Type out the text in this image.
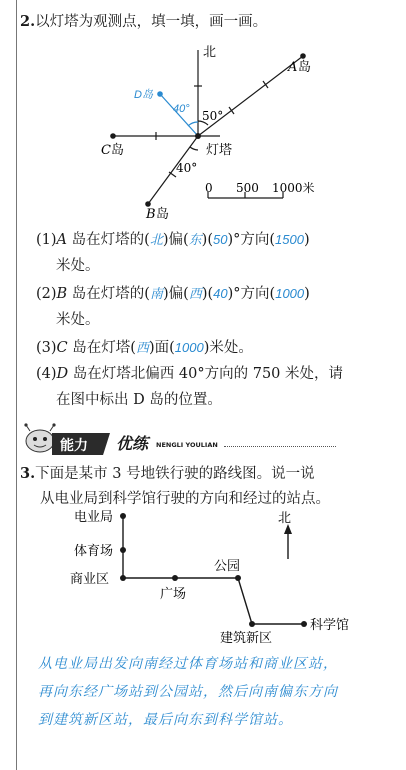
2.以灯塔为观测点，填一填，画一画。
北
A 岛
C 岛
B 岛
D岛
40° 50°
40°
灯塔
0 500 1000米
(1)A 岛在灯塔的(北)偏(东)(50)°方向(1500)
米处。
(2)B 岛在灯塔的(南)偏(西)(40)°方向(1000)
米处。
(3)C 岛在灯塔(西)面(1000)米处。
(4)D 岛在灯塔北偏西 40°方向的 750 米处，请
在图中标出 D 岛的位置。
能力 优练 NENGLI YOULIAN
3.下面是某市 3 号地铁行驶的路线图。说一说
从电业局到科学馆行驶的方向和经过的站点。
北
电业局
体育场
商业区
广场
公园
建筑新区
科学馆
从电业局出发向南经过体育场站和商业区站，
再向东经广场站到公园站，然后向南偏东方向
到建筑新区站，最后向东到科学馆站。
